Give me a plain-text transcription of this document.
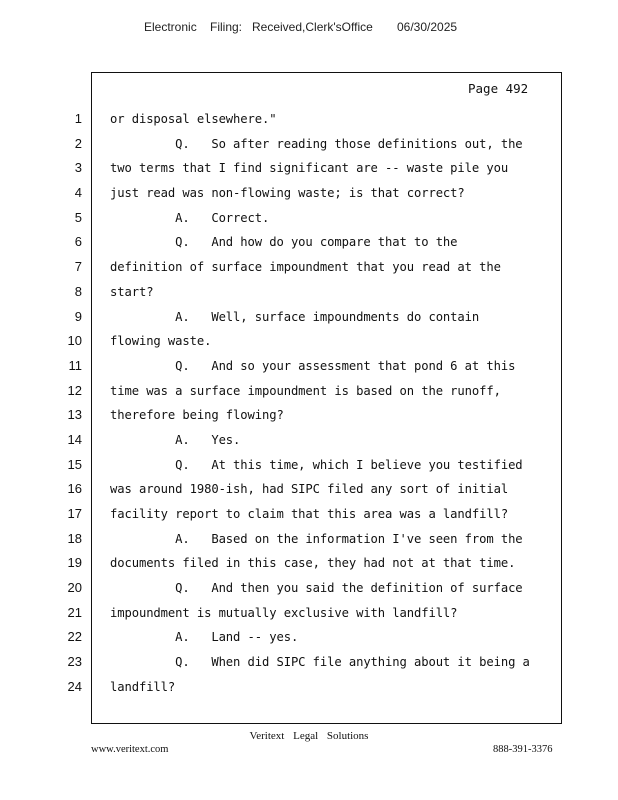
Electronic Filing: Received,Clerk'sOffice 06/30/2025
Page 492
1
2
3
4
5
6
7
8
9
10
11
12
13
14
15
16
17
18
19
20
21
22
23
24
or disposal elsewhere."
Q.   So after reading those definitions out, the
two terms that I find significant are -- waste pile you
just read was non-flowing waste; is that correct?
A.   Correct.
Q.   And how do you compare that to the
definition of surface impoundment that you read at the
start?
A.   Well, surface impoundments do contain
flowing waste.
Q.   And so your assessment that pond 6 at this
time was a surface impoundment is based on the runoff,
therefore being flowing?
A.   Yes.
Q.   At this time, which I believe you testified
was around 1980-ish, had SIPC filed any sort of initial
facility report to claim that this area was a landfill?
A.   Based on the information I've seen from the
documents filed in this case, they had not at that time.
Q.   And then you said the definition of surface
impoundment is mutually exclusive with landfill?
A.   Land -- yes.
Q.   When did SIPC file anything about it being a
landfill?
Veritext Legal Solutions
www.veritext.com	888-391-3376
